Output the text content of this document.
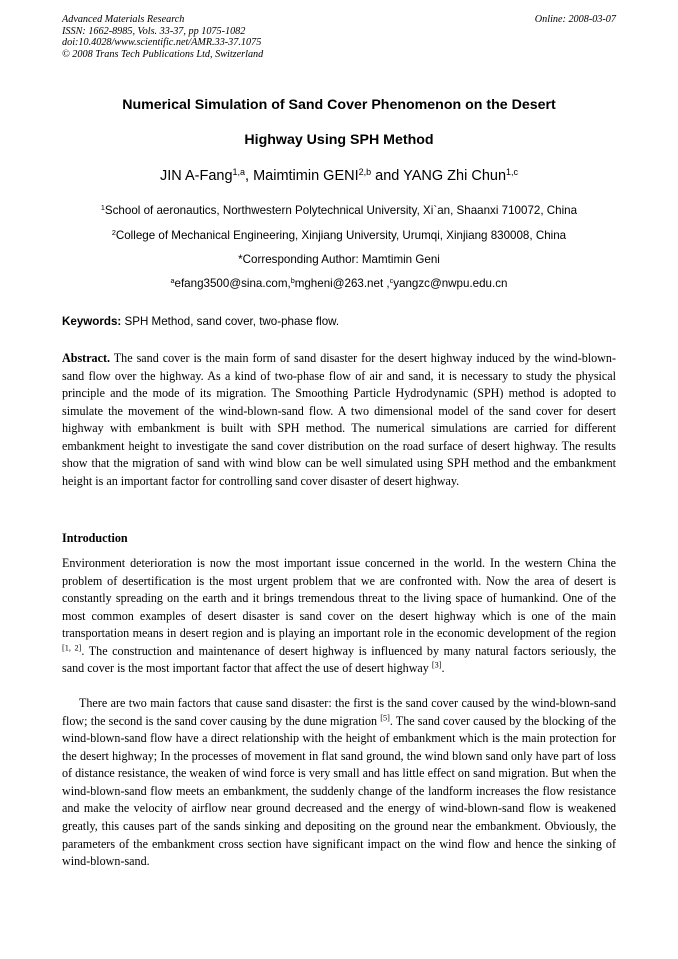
Advanced Materials Research
ISSN: 1662-8985, Vols. 33-37, pp 1075-1082
doi:10.4028/www.scientific.net/AMR.33-37.1075
© 2008 Trans Tech Publications Ltd, Switzerland
Online: 2008-03-07
Numerical Simulation of Sand Cover Phenomenon on the Desert
Highway Using SPH Method
JIN A-Fang$^{1,a}$, Maimtimin GENI$^{2,b}$ and YANG Zhi Chun$^{1,c}$
$^1$School of aeronautics, Northwestern Polytechnical University, Xi`an, Shaanxi 710072, China
$^2$College of Mechanical Engineering, Xinjiang University, Urumqi, Xinjiang 830008, China
*Corresponding Author: Mamtimin Geni
$^a$efang3500@sina.com,$^b$mgheni@263.net ,$^c$yangzc@nwpu.edu.cn
Keywords: SPH Method, sand cover, two-phase flow.

Abstract. The sand cover is the main form of sand disaster for the desert highway induced by the wind-blown-sand flow over the highway. As a kind of two-phase flow of air and sand, it is necessary to study the physical principle and the mode of its migration. The Smoothing Particle Hydrodynamic (SPH) method is adopted to simulate the movement of the wind-blown-sand flow. A two dimensional model of the sand cover for desert highway with embankment is built with SPH method. The numerical simulations are carried for different embankment height to investigate the sand cover distribution on the road surface of desert highway. The results show that the migration of sand with wind blow can be well simulated using SPH method and the embankment height is an important factor for controlling sand cover disaster of desert highway.

Introduction

Environment deterioration is now the most important issue concerned in the world. In the western China the problem of desertification is the most urgent problem that we are confronted with. Now the area of desert is constantly spreading on the earth and it brings tremendous threat to the living space of humankind. One of the most common examples of desert disaster is sand cover on the desert highway which is one of the main transportation means in desert region and is playing an important role in the economic development of the region [1, 2]. The construction and maintenance of desert highway is influenced by many natural factors seriously, the sand cover is the most important factor that affect the use of desert highway [3].

There are two main factors that cause sand disaster: the first is the sand cover caused by the wind-blown-sand flow; the second is the sand cover causing by the dune migration [5]. The sand cover caused by the blocking of the wind-blown-sand flow have a direct relationship with the height of embankment which is the main protection for the desert highway; In the processes of movement in flat sand ground, the wind blown sand only have part of loss of distance resistance, the weaken of wind force is very small and has little effect on sand migration. But when the wind-blown-sand flow meets an embankment, the suddenly change of the landform increases the flow resistance and make the velocity of airflow near ground decreased and the energy of wind-blown-sand flow is weakened greatly, this causes part of the sands sinking and depositing on the ground near the embankment. Obviously, the parameters of the embankment cross section have significant impact on the wind flow and hence the sinking of wind-blown-sand.
